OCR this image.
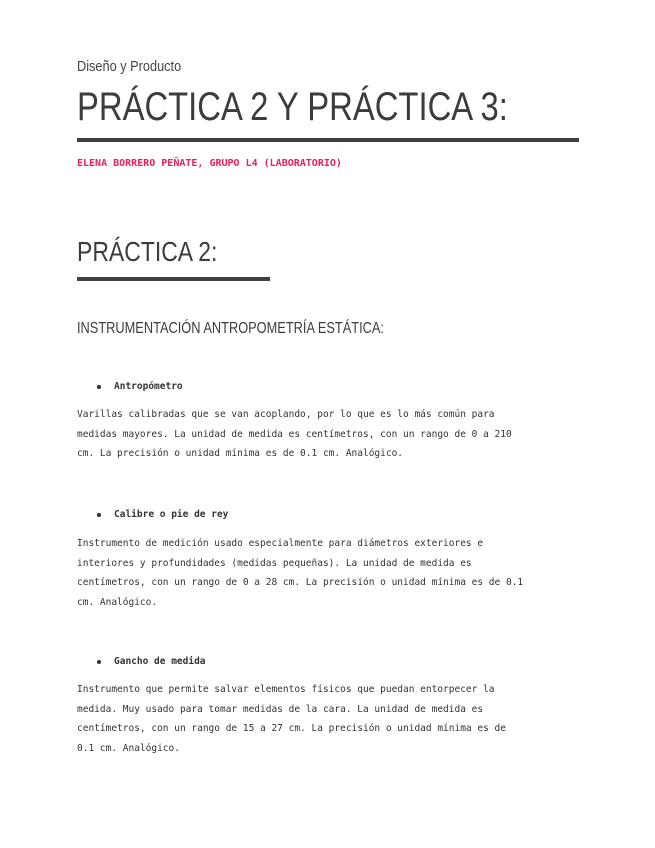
Diseño y Producto
PRÁCTICA 2 Y PRÁCTICA 3:
ELENA BORRERO PEÑATE, GRUPO L4 (LABORATORIO)
PRÁCTICA 2:
INSTRUMENTACIÓN ANTROPOMETRÍA ESTÁTICA:
Antropómetro
Varillas calibradas que se van acoplando, por lo que es lo más común para
medidas mayores. La unidad de medida es centímetros, con un rango de 0 a 210
cm. La precisión o unidad mínima es de 0.1 cm. Analógico.
Calibre o pie de rey
Instrumento de medición usado especialmente para diámetros exteriores e
interiores y profundidades (medidas pequeñas). La unidad de medida es
centímetros, con un rango de 0 a 28 cm. La precisión o unidad mínima es de 0.1
cm. Analógico.
Gancho de medida
Instrumento que permite salvar elementos físicos que puedan entorpecer la
medida. Muy usado para tomar medidas de la cara. La unidad de medida es
centímetros, con un rango de 15 a 27 cm. La precisión o unidad mínima es de
0.1 cm. Analógico.
